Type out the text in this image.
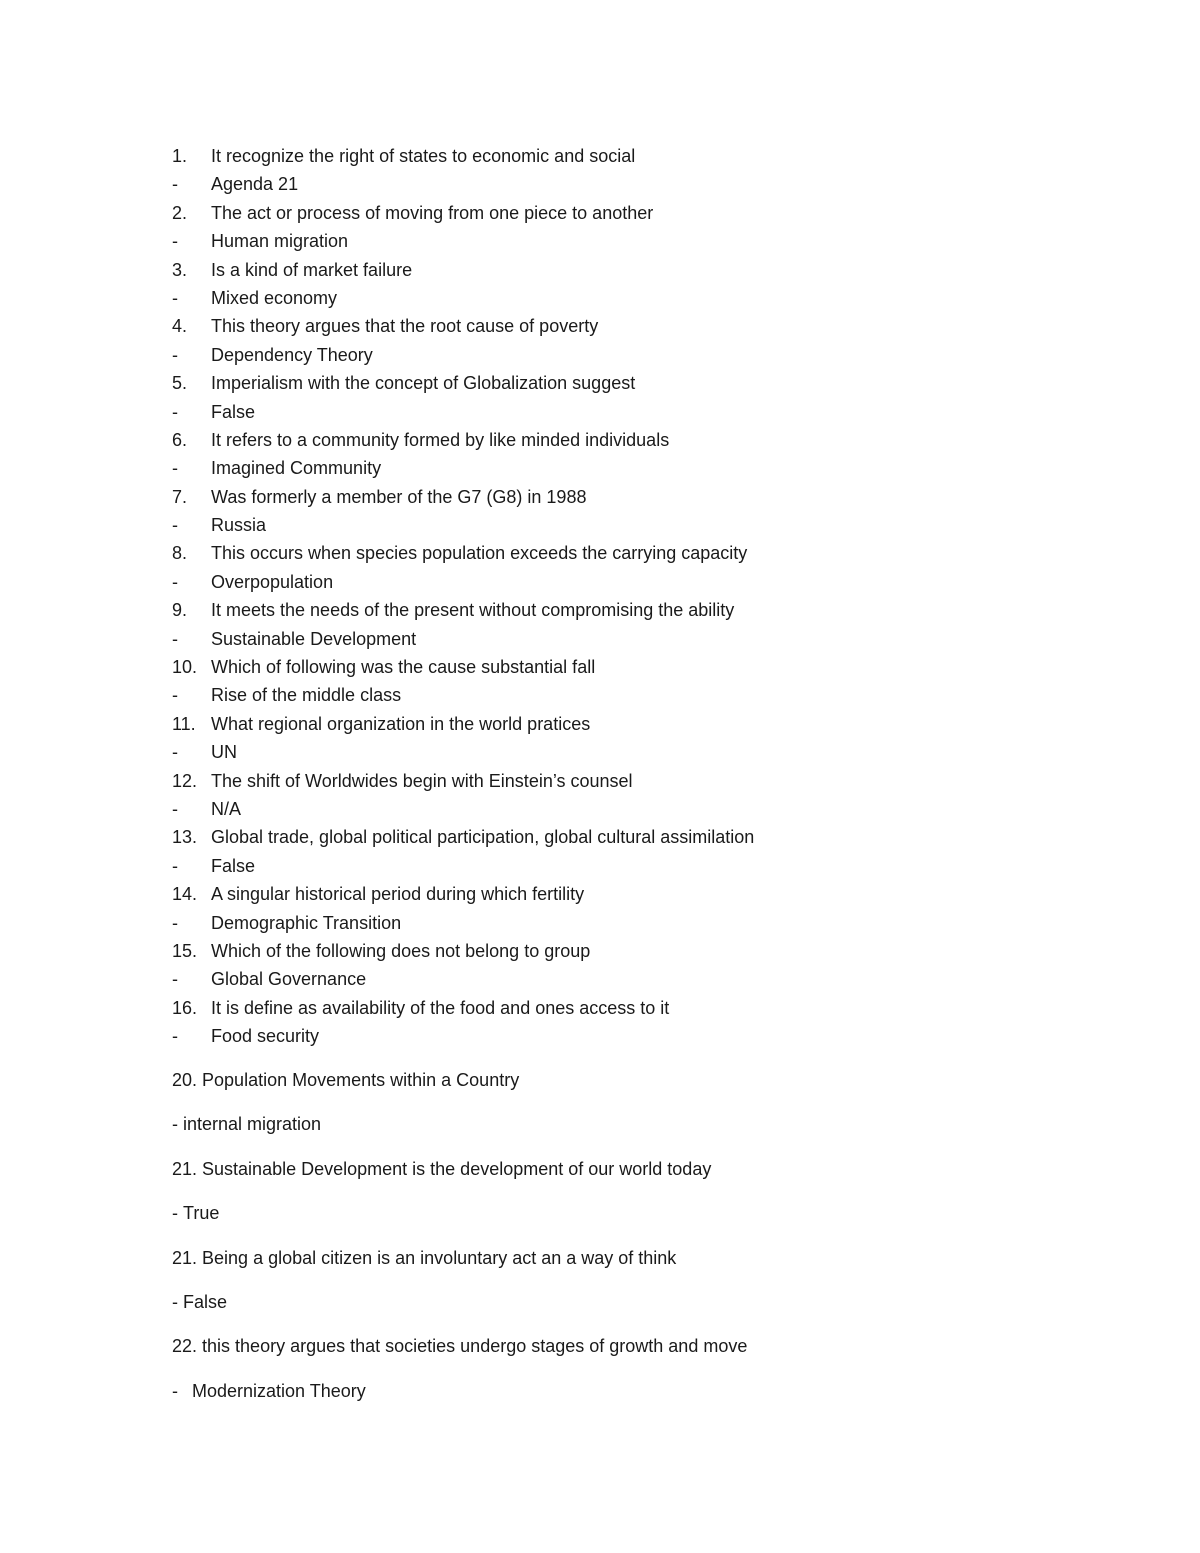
1.	It recognize the right of states to economic and social
-	Agenda 21
2.	The act or process of moving from one piece to another
-	Human migration
3.	Is a kind of market failure
-	Mixed economy
4.	This theory argues that the root cause of poverty
-	Dependency Theory
5.	Imperialism with the concept of Globalization suggest
-	False
6.	It refers to a community formed by like minded individuals
-	Imagined Community
7.	Was formerly a member of the G7 (G8) in 1988
-	Russia
8.	This occurs when species population exceeds the carrying capacity
-	Overpopulation
9.	It meets the needs of the present without compromising the ability
-	Sustainable Development
10. Which of following was the cause substantial fall
-	Rise of the middle class
11. What regional organization in the world pratices
-	UN
12. The shift of Worldwides begin with Einstein’s counsel
-	N/A
13. Global trade, global political participation, global cultural assimilation
-	False
14. A singular historical period during which fertility
-	Demographic Transition
15. Which of the following does not belong to group
-	Global Governance
16. It is define as availability of the food and ones access to it
-	Food security
20. Population Movements within a Country
- internal migration
21. Sustainable Development is the development of our world today
- True
21. Being a global citizen is an involuntary act an a way of think
- False
22. this theory argues that societies undergo stages of growth and move
- Modernization Theory
